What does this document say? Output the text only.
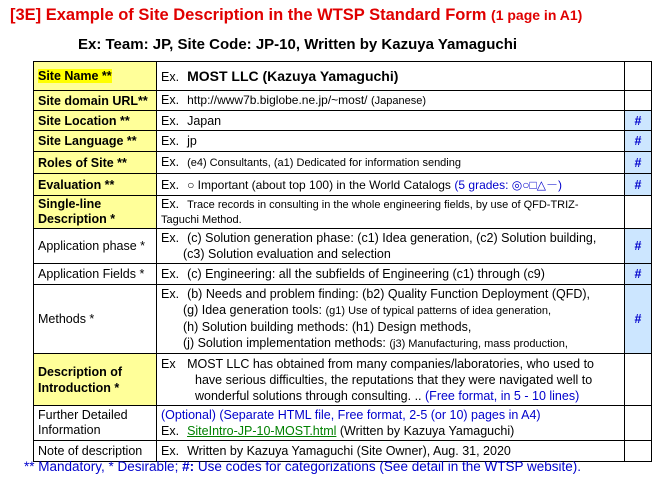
[3E] Example of Site Description in the WTSP Standard Form (1 page in A1)
Ex: Team: JP, Site Code: JP-10, Written by Kazuya Yamaguchi
Site Name **	Ex. MOST LLC (Kazuya Yamaguchi)	
Site domain URL**	Ex. http://www7b.biglobe.ne.jp/~most/ (Japanese)	
Site Location **	Ex. Japan	#
Site Language **	Ex. jp	#
Roles of Site **	Ex. (e4) Consultants, (a1) Dedicated for information sending	#
Evaluation **	Ex. ○ Important (about top 100) in the World Catalogs (5 grades: ◎○□△－)	#
Single-line Description *	Ex. Trace records in consulting in the whole engineering fields, by use of QFD-TRIZ-
Taguchi Method.	
Application phase *	Ex. (c) Solution generation phase: (c1) Idea generation, (c2) Solution building,
(c3) Solution evaluation and selection	#
Application Fields *	Ex. (c) Engineering: all the subfields of Engineering (c1) through (c9)	#
Methods *	Ex. (b) Needs and problem finding: (b2) Quality Function Deployment (QFD),
(g) Idea generation tools: (g1) Use of typical patterns of idea generation,
(h) Solution building methods: (h1) Design methods,
(j) Solution implementation methods: (j3) Manufacturing, mass production,	#
Description of Introduction *	Ex MOST LLC has obtained from many companies/laboratories, who used to
have serious difficulties, the reputations that they were navigated well to
wonderful solutions through consulting. .. (Free format, in 5 - 10 lines)	
Further Detailed Information	(Optional) (Separate HTML file, Free format, 2-5 (or 10) pages in A4)
Ex. SiteIntro-JP-10-MOST.html (Written by Kazuya Yamaguchi)	
Note of description	Ex. Written by Kazuya Yamaguchi (Site Owner), Aug. 31, 2020	
** Mandatory, * Desirable; #: Use codes for categorizations (See detail in the WTSP website).
